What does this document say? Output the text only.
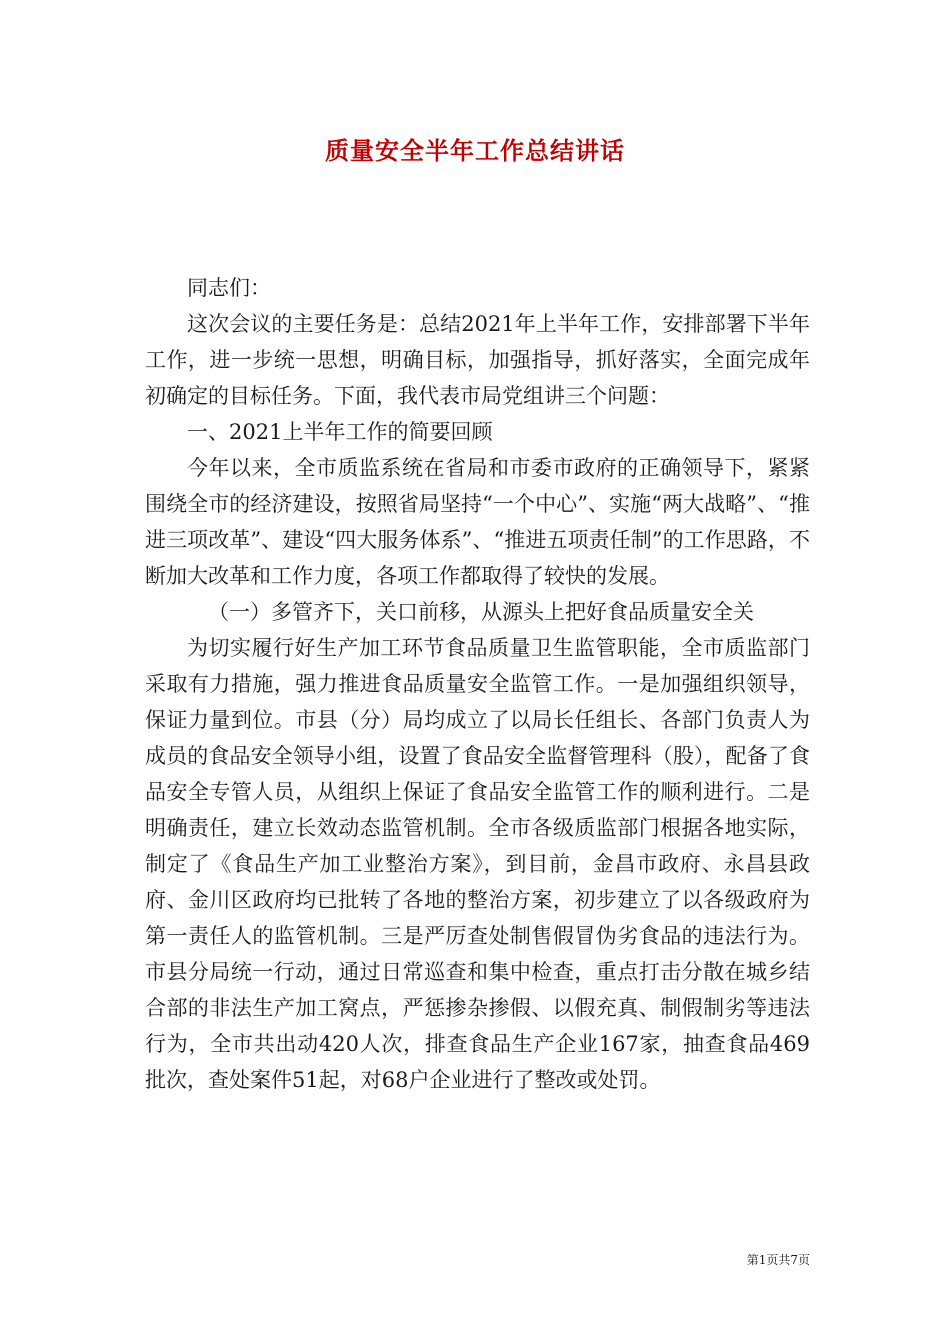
质量安全半年工作总结讲话

同志们：

这次会议的主要任务是：总结2021年上半年工作，安排部署下半年工作，进一步统一思想，明确目标，加强指导，抓好落实，全面完成年初确定的目标任务。下面，我代表市局党组讲三个问题：

一、2021上半年工作的简要回顾

今年以来，全市质监系统在省局和市委市政府的正确领导下，紧紧围绕全市的经济建设，按照省局坚持“一个中心”、实施“两大战略”、“推进三项改革”、建设“四大服务体系”、“推进五项责任制”的工作思路，不断加大改革和工作力度，各项工作都取得了较快的发展。

（一）多管齐下，关口前移，从源头上把好食品质量安全关

为切实履行好生产加工环节食品质量卫生监管职能，全市质监部门采取有力措施，强力推进食品质量安全监管工作。一是加强组织领导，保证力量到位。市县（分）局均成立了以局长任组长、各部门负责人为成员的食品安全领导小组，设置了食品安全监督管理科（股），配备了食品安全专管人员，从组织上保证了食品安全监管工作的顺利进行。二是明确责任，建立长效动态监管机制。全市各级质监部门根据各地实际，制定了《食品生产加工业整治方案》，到目前，金昌市政府、永昌县政府、金川区政府均已批转了各地的整治方案，初步建立了以各级政府为第一责任人的监管机制。三是严厉查处制售假冒伪劣食品的违法行为。市县分局统一行动，通过日常巡查和集中检查，重点打击分散在城乡结合部的非法生产加工窝点，严惩掺杂掺假、以假充真、制假制劣等违法行为，全市共出动420人次，排查食品生产企业167家，抽查食品469批次，查处案件51起，对68户企业进行了整改或处罚。

第1页共7页
